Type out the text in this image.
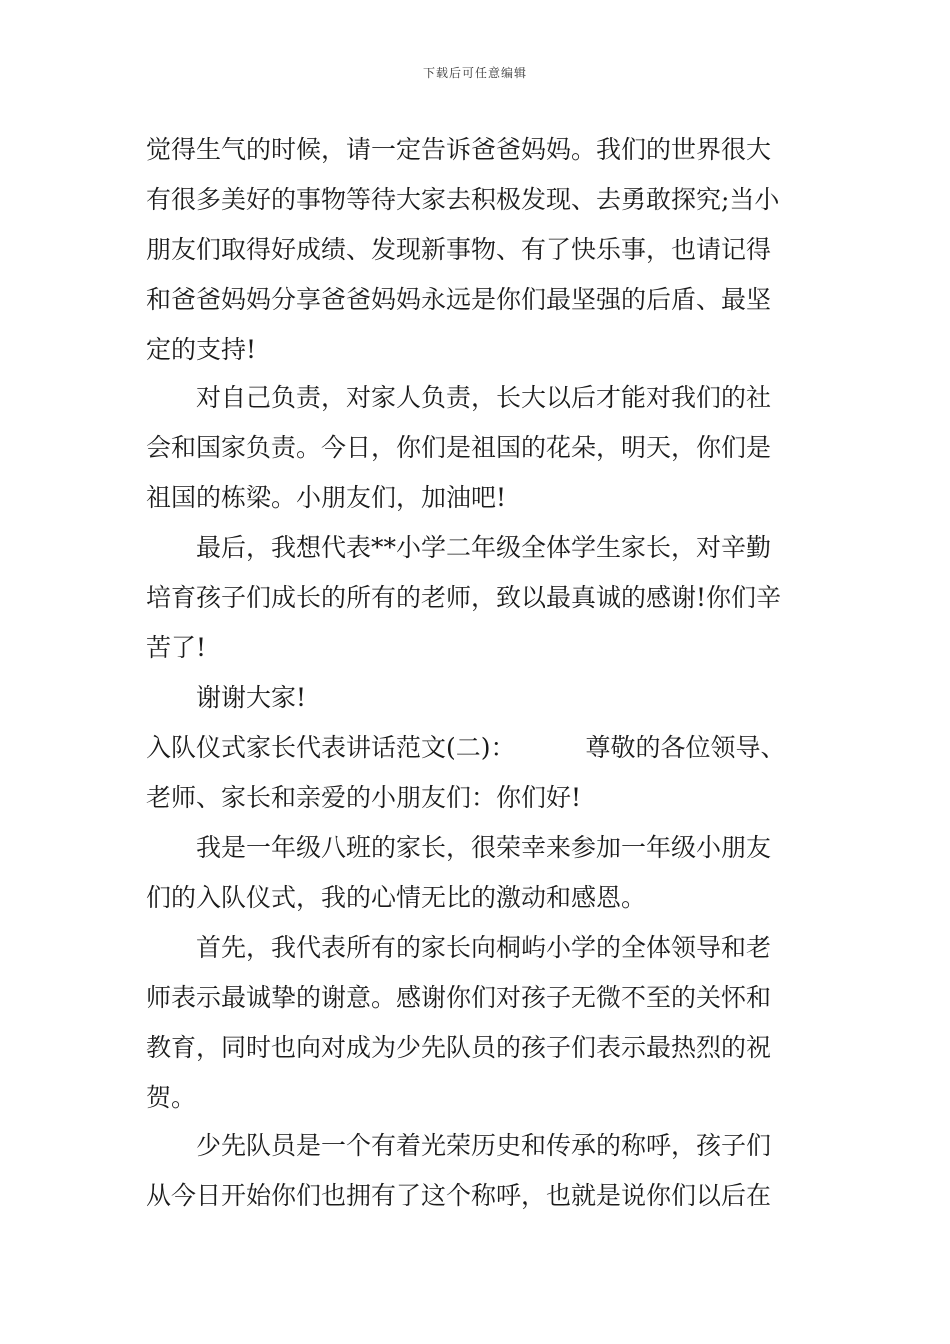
下载后可任意编辑
觉得生气的时候，请一定告诉爸爸妈妈。我们的世界很大
有很多美好的事物等待大家去积极发现、去勇敢探究;当小
朋友们取得好成绩、发现新事物、有了快乐事，也请记得
和爸爸妈妈分享爸爸妈妈永远是你们最坚强的后盾、最坚
定的支持!
对自己负责，对家人负责，长大以后才能对我们的社
会和国家负责。今日，你们是祖国的花朵，明天，你们是
祖国的栋梁。小朋友们，加油吧!
最后，我想代表**小学二年级全体学生家长，对辛勤
培育孩子们成长的所有的老师，致以最真诚的感谢!你们辛
苦了!
谢谢大家!
入队仪式家长代表讲话范文(二)：	尊敬的各位领导、
老师、家长和亲爱的小朋友们：你们好!
我是一年级八班的家长，很荣幸来参加一年级小朋友
们的入队仪式，我的心情无比的激动和感恩。
首先，我代表所有的家长向桐屿小学的全体领导和老
师表示最诚挚的谢意。感谢你们对孩子无微不至的关怀和
教育，同时也向对成为少先队员的孩子们表示最热烈的祝
贺。
少先队员是一个有着光荣历史和传承的称呼，孩子们
从今日开始你们也拥有了这个称呼，也就是说你们以后在
